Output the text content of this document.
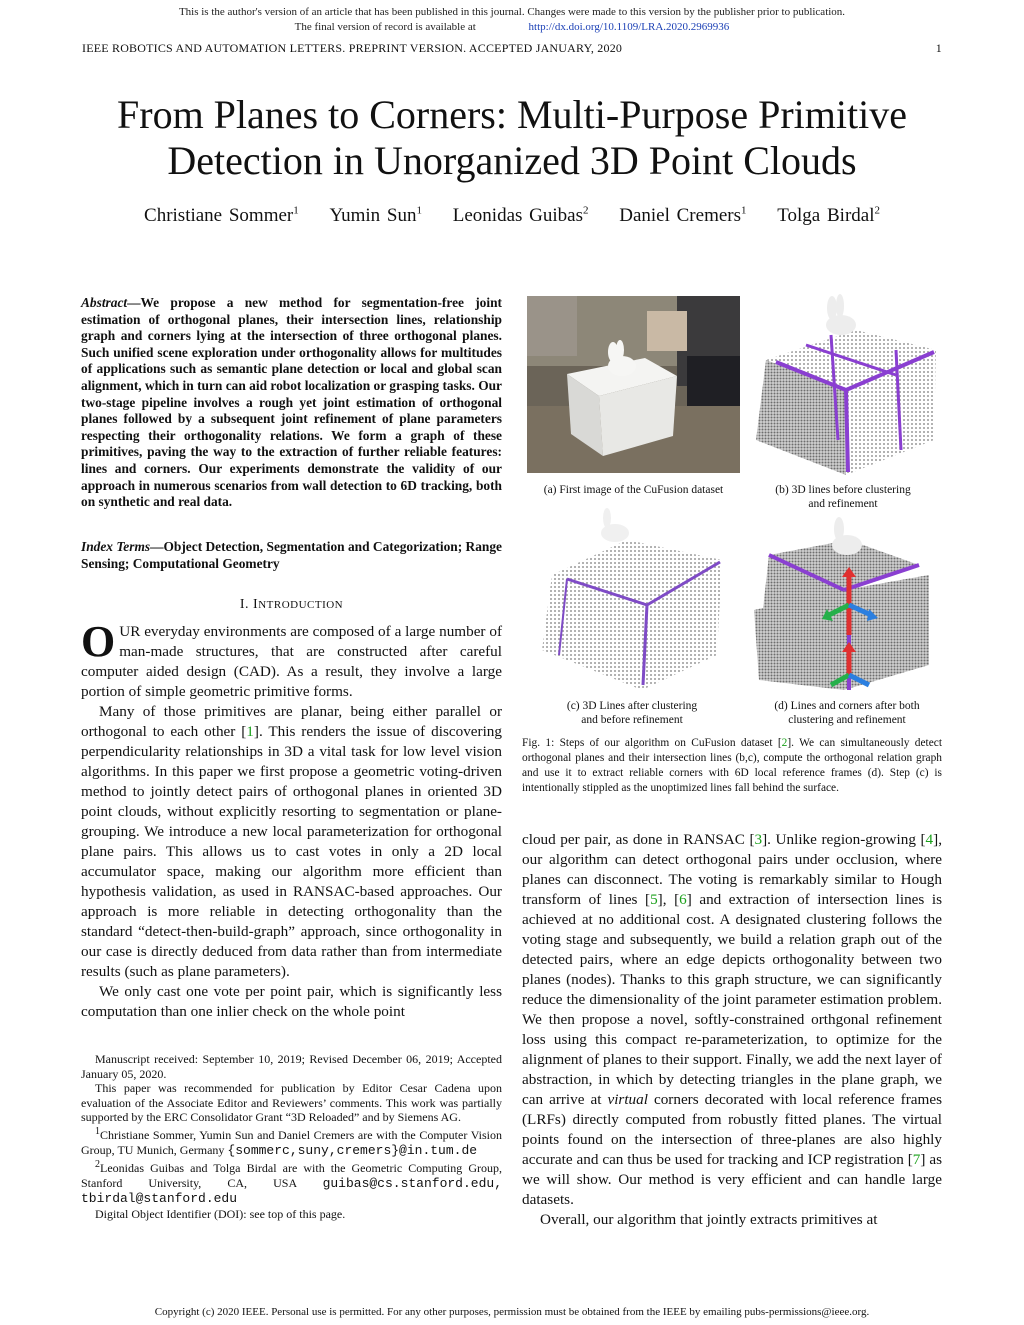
This is the author's version of an article that has been published in this journal. Changes were made to this version by the publisher prior to publication.
The final version of record is available at	http://dx.doi.org/10.1109/LRA.2020.2969936
IEEE ROBOTICS AND AUTOMATION LETTERS. PREPRINT VERSION. ACCEPTED JANUARY, 2020	1
From Planes to Corners: Multi-Purpose Primitive
Detection in Unorganized 3D Point Clouds
Christiane Sommer$^1$ Yumin Sun$^1$ Leonidas Guibas$^2$ Daniel Cremers$^1$ Tolga Birdal$^2$
Abstract—We propose a new method for segmentation-free joint estimation of orthogonal planes, their intersection lines, relationship graph and corners lying at the intersection of three orthogonal planes. Such unified scene exploration under orthogonality allows for multitudes of applications such as semantic plane detection or local and global scan alignment, which in turn can aid robot localization or grasping tasks. Our two-stage pipeline involves a rough yet joint estimation of orthogonal planes followed by a subsequent joint refinement of plane parameters respecting their orthogonality relations. We form a graph of these primitives, paving the way to the extraction of further reliable features: lines and corners. Our experiments demonstrate the validity of our approach in numerous scenarios from wall detection to 6D tracking, both on synthetic and real data.
Index Terms—Object Detection, Segmentation and Categorization; Range Sensing; Computational Geometry
I. INTRODUCTION

OUR everyday environments are composed of a large number of man-made structures, that are constructed after careful computer aided design (CAD). As a result, they involve a large portion of simple geometric primitive forms.

Many of those primitives are planar, being either parallel or orthogonal to each other [1]. This renders the issue of discovering perpendicularity relationships in 3D a vital task for low level vision algorithms. In this paper we first propose a geometric voting-driven method to jointly detect pairs of orthogonal planes in oriented 3D point clouds, without explicitly resorting to segmentation or plane-grouping. We introduce a new local parameterization for orthogonal plane pairs. This allows us to cast votes in only a 2D local accumulator space, making our algorithm more efficient than hypothesis validation, as used in RANSAC-based approaches. Our approach is more reliable in detecting orthogonality than the standard “detect-then-build-graph” approach, since orthogonality in our case is directly deduced from data rather than from intermediate results (such as plane parameters).

We only cast one vote per point pair, which is significantly less computation than one inlier check on the whole point

Manuscript received: September 10, 2019; Revised December 06, 2019; Accepted January 05, 2020.

This paper was recommended for publication by Editor Cesar Cadena upon evaluation of the Associate Editor and Reviewers’ comments. This work was partially supported by the ERC Consolidator Grant “3D Reloaded” and by Siemens AG.

$^1$Christiane Sommer, Yumin Sun and Daniel Cremers are with the Computer Vision Group, TU Munich, Germany {sommerc,suny,cremers}@in.tum.de

$^2$Leonidas Guibas and Tolga Birdal are with the Geometric Computing Group, Stanford University, CA, USA guibas@cs.stanford.edu, tbirdal@stanford.edu

Digital Object Identifier (DOI): see top of this page.

(a) First image of the CuFusion dataset	(b) 3D lines before clustering
and refinement
(c) 3D Lines after clustering
and before refinement
(d) Lines and corners after both
clustering and refinement
Fig. 1: Steps of our algorithm on CuFusion dataset [2]. We can simultaneously detect orthogonal planes and their intersection lines (b,c), compute the orthogonal relation graph and use it to extract reliable corners with 6D local reference frames (d). Step (c) is intentionally stippled as the unoptimized lines fall behind the surface.

cloud per pair, as done in RANSAC [3]. Unlike region-growing [4], our algorithm can detect orthogonal pairs under occlusion, where planes can disconnect. The voting is remarkably similar to Hough transform of lines [5], [6] and extraction of intersection lines is achieved at no additional cost. A designated clustering follows the voting stage and subsequently, we build a relation graph out of the detected pairs, where an edge depicts orthogonality between two planes (nodes). Thanks to this graph structure, we can significantly reduce the dimensionality of the joint parameter estimation problem. We then propose a novel, softly-constrained orthgonal refinement loss using this compact re-parameterization, to optimize for the alignment of planes to their support. Finally, we add the next layer of abstraction, in which by detecting triangles in the plane graph, we can arrive at virtual corners decorated with local reference frames (LRFs) directly computed from robustly fitted planes. The virtual points found on the intersection of three-planes are also highly accurate and can thus be used for tracking and ICP registration [7] as we will show. Our method is very efficient and can handle large datasets.

Overall, our algorithm that jointly extracts primitives at

Copyright (c) 2020 IEEE. Personal use is permitted. For any other purposes, permission must be obtained from the IEEE by emailing pubs-permissions@ieee.org.
